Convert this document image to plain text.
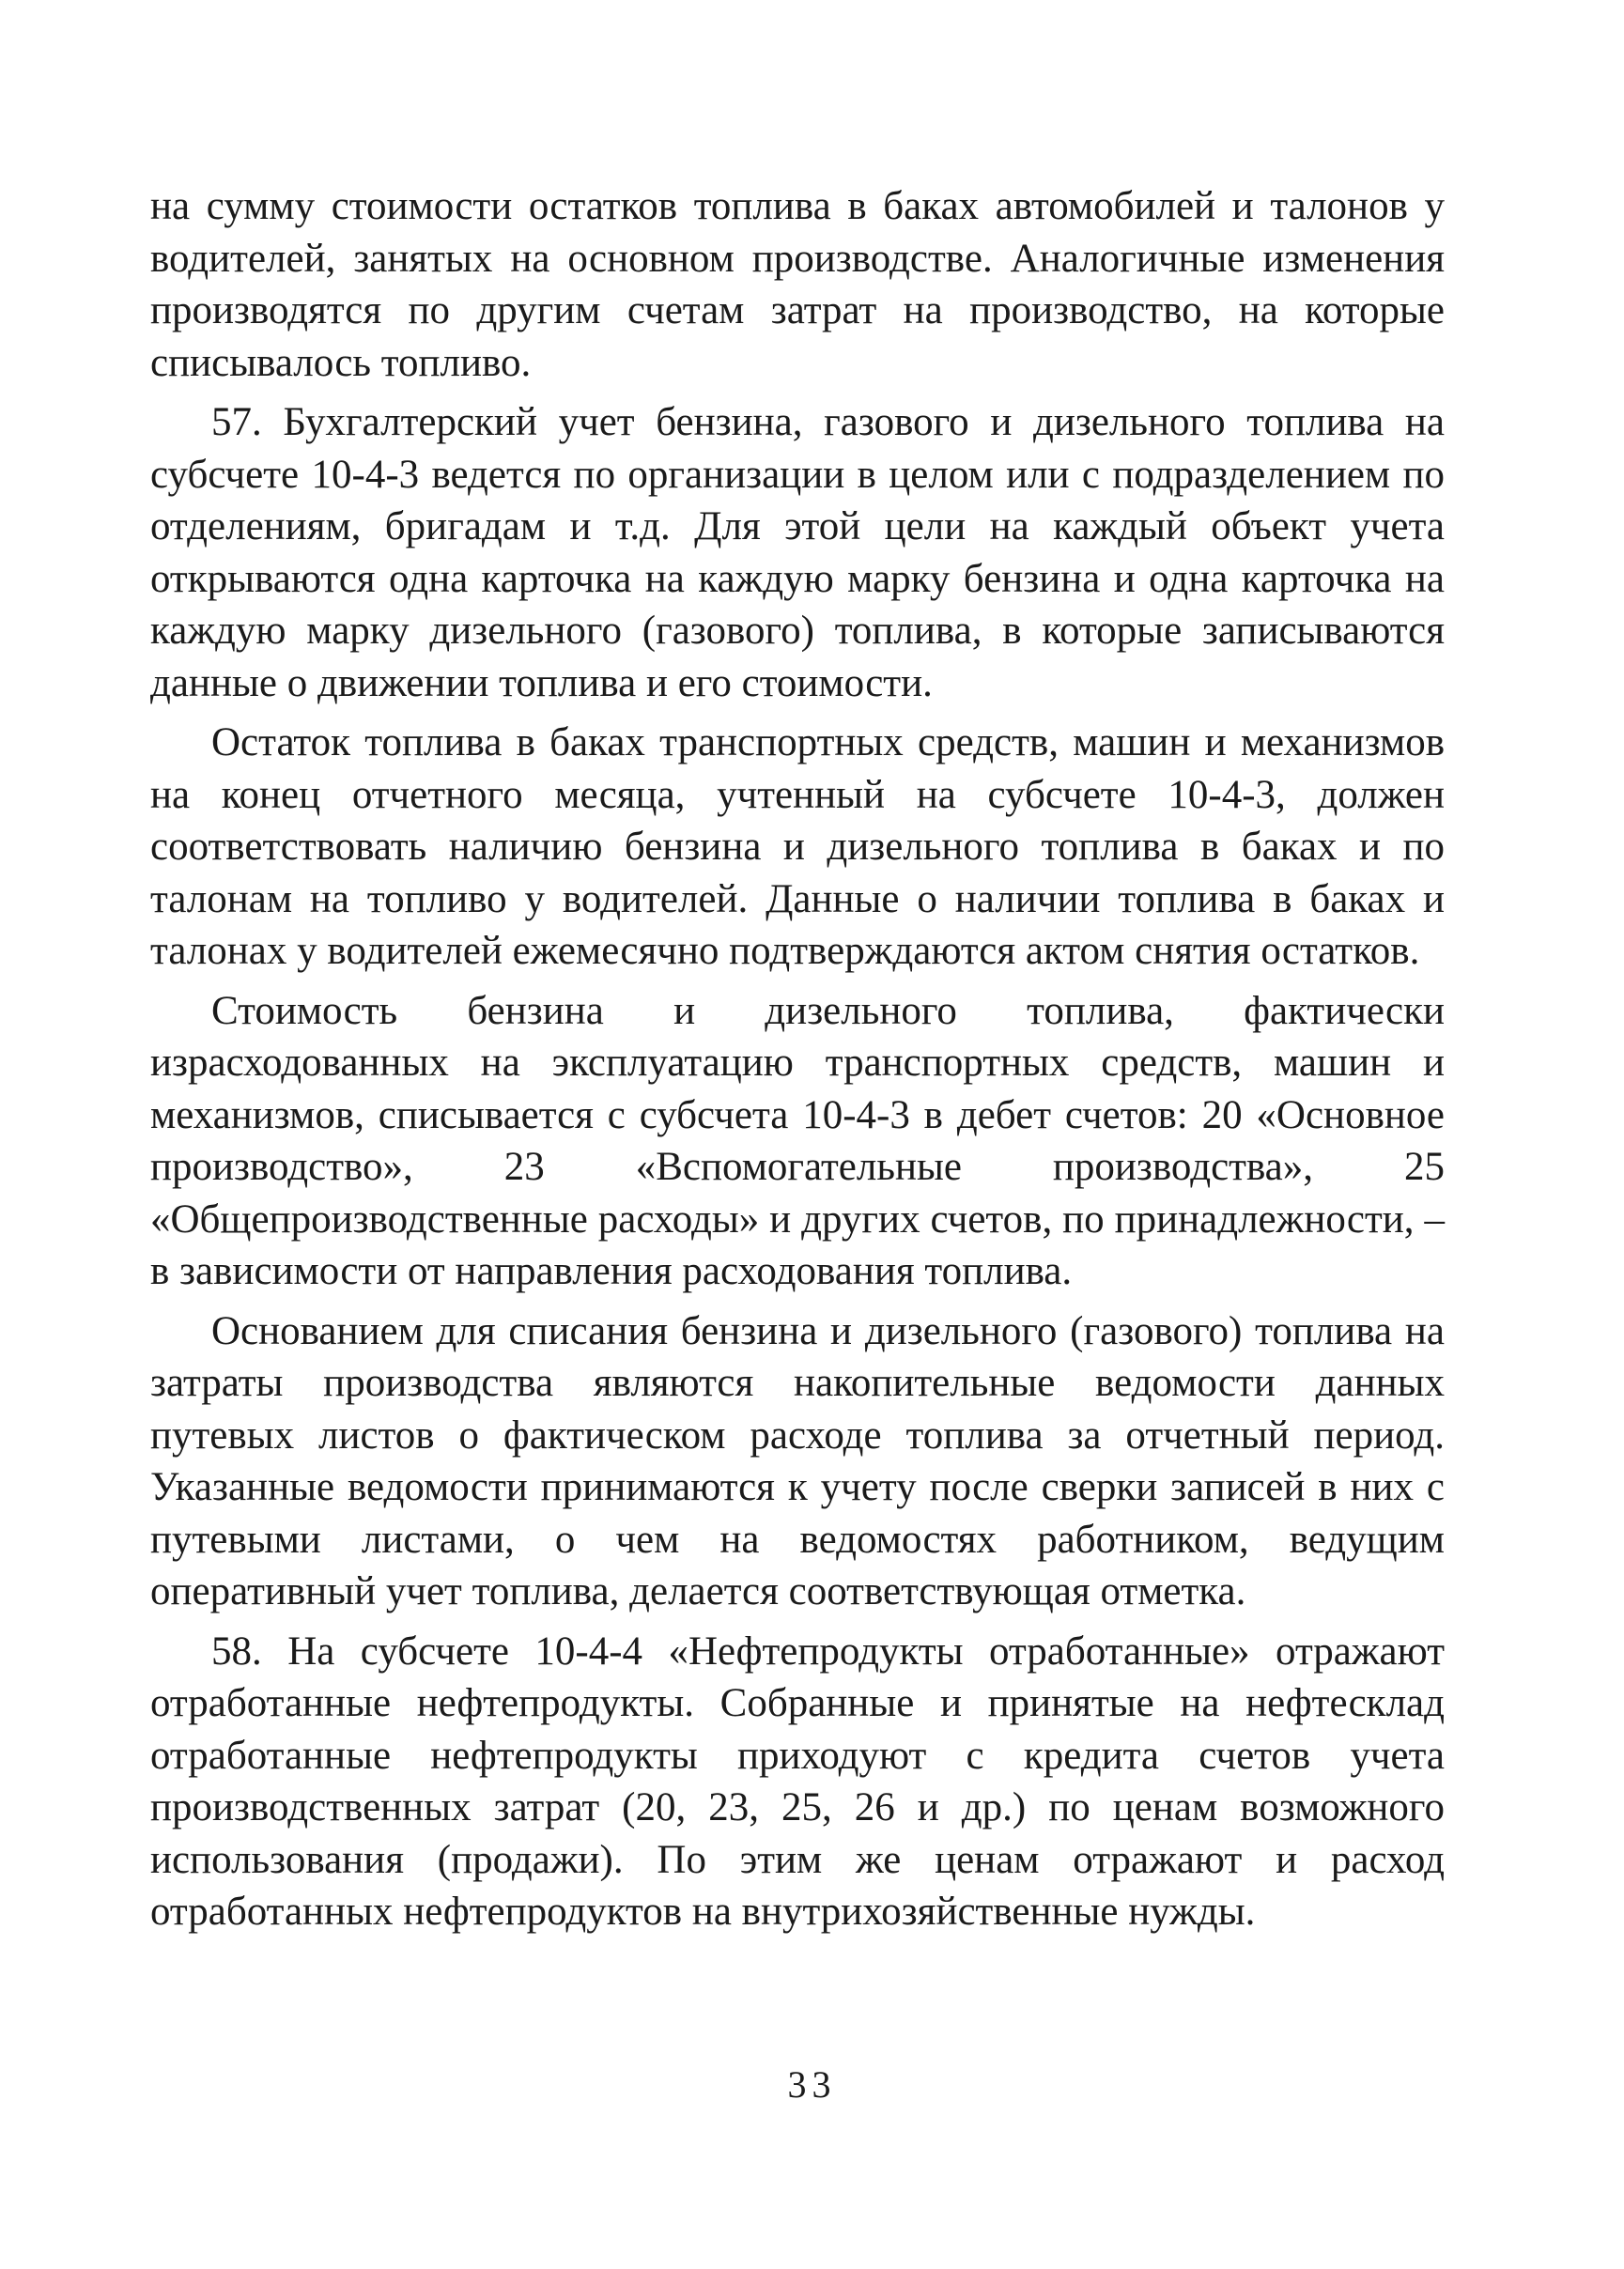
на сумму стоимости остатков топлива в баках автомобилей и талонов у водителей, занятых на основном производстве. Аналогичные изменения производятся по другим счетам затрат на производство, на которые списывалось топливо.

57. Бухгалтерский учет бензина, газового и дизельного топлива на субсчете 10-4-3 ведется по организации в целом или с подразделением по отделениям, бригадам и т.д. Для этой цели на каждый объект учета открываются одна карточка на каждую марку бензина и одна карточка на каждую марку дизельного (газового) топлива, в которые записываются данные о движении топлива и его стоимости.

Остаток топлива в баках транспортных средств, машин и механизмов на конец отчетного месяца, учтенный на субсчете 10-4-3, должен соответствовать наличию бензина и дизельного топлива в баках и по талонам на топливо у водителей. Данные о наличии топлива в баках и талонах у водителей ежемесячно подтверждаются актом снятия остатков.

Стоимость бензина и дизельного топлива, фактически израсходованных на эксплуатацию транспортных средств, машин и механизмов, списывается с субсчета 10-4-3 в дебет счетов: 20 «Основное производство», 23 «Вспомогательные производства», 25 «Общепроизводственные расходы» и других счетов, по принадлежности, – в зависимости от направления расходования топлива.

Основанием для списания бензина и дизельного (газового) топлива на затраты производства являются накопительные ведомости данных путевых листов о фактическом расходе топлива за отчетный период. Указанные ведомости принимаются к учету после сверки записей в них с путевыми листами, о чем на ведомостях работником, ведущим оперативный учет топлива, делается соответствующая отметка.

58. На субсчете 10-4-4 «Нефтепродукты отработанные» отражают отработанные нефтепродукты. Собранные и принятые на нефтесклад отработанные нефтепродукты приходуют с кредита счетов учета производственных затрат (20, 23, 25, 26 и др.) по ценам возможного использования (продажи). По этим же ценам отражают и расход отработанных нефтепродуктов на внутрихозяйственные нужды.

33
